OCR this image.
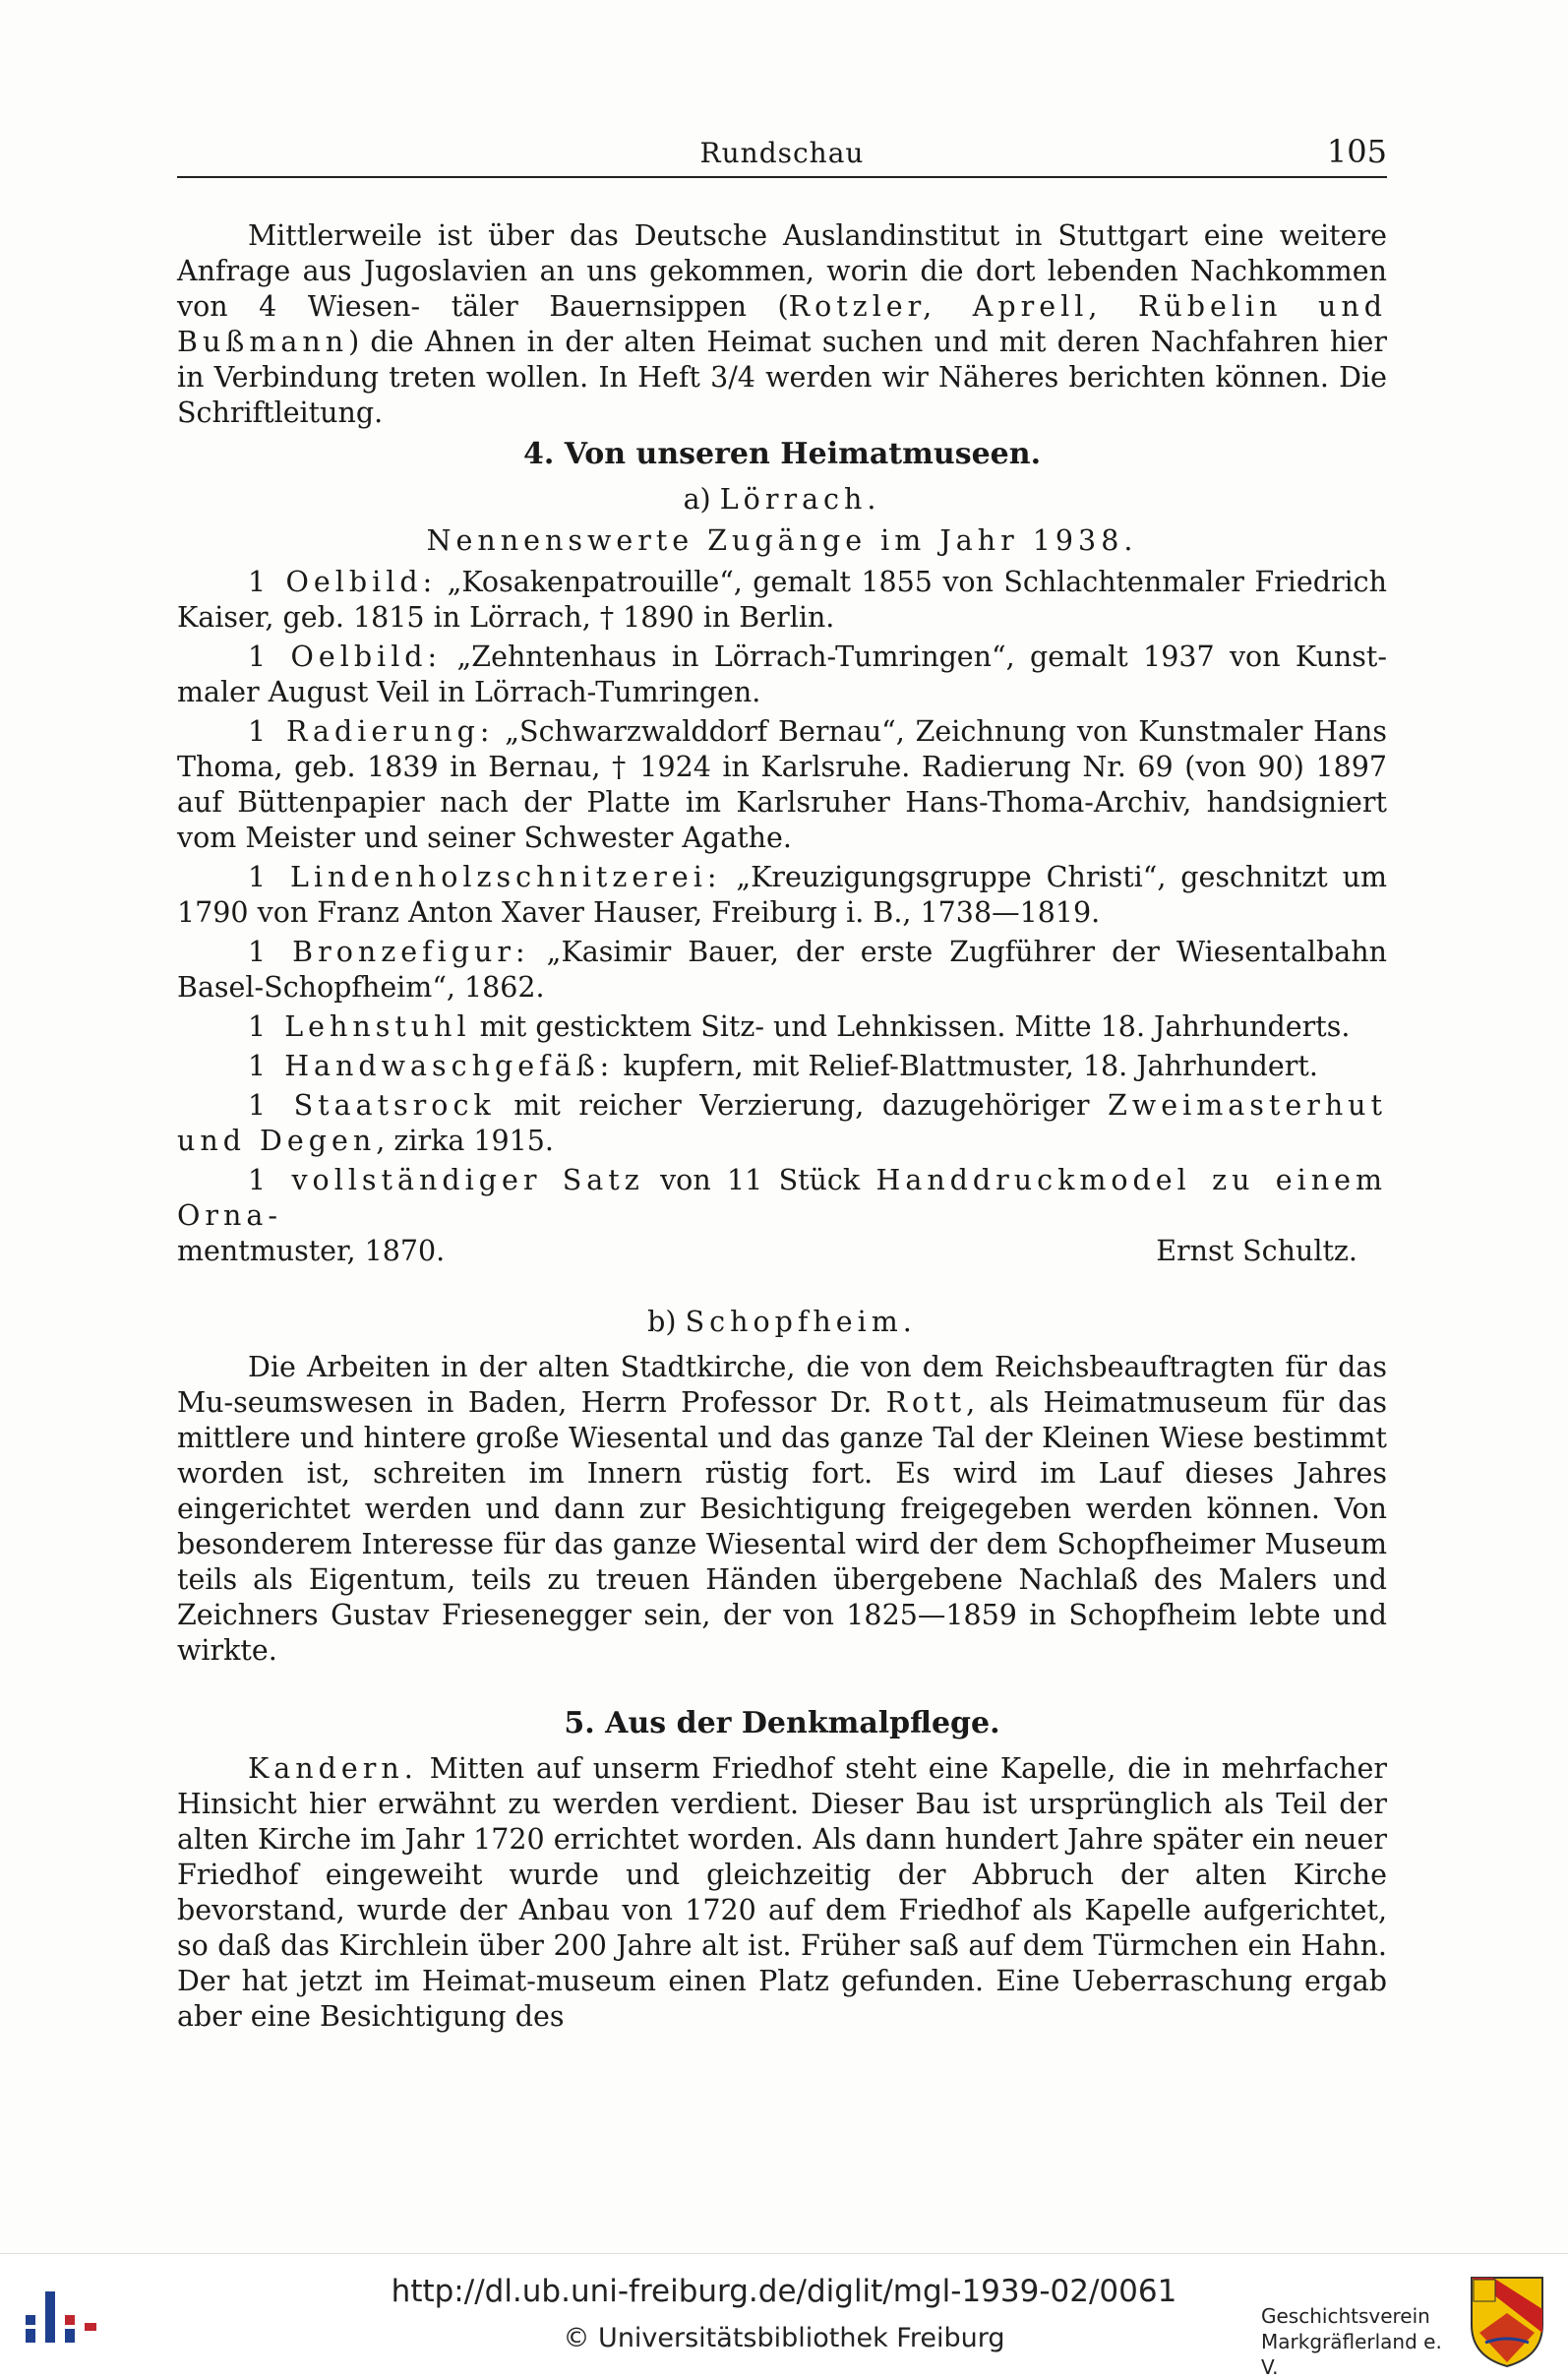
Rundschau	105

Mittlerweile ist über das Deutsche Auslandinstitut in Stuttgart eine weitere Anfrage aus Jugoslavien an uns gekommen, worin die dort lebenden Nachkommen von 4 Wiesen- täler Bauernsippen (Rotzler, Aprell, Rübelin und Bußmann) die Ahnen in der alten Heimat suchen und mit deren Nachfahren hier in Verbindung treten wollen. In Heft 3/4 werden wir Näheres berichten können. Die Schriftleitung.

4. Von unseren Heimatmuseen.

a) Lörrach.

Nennenswerte Zugänge im Jahr 1938.

1 Oelbild: „Kosakenpatrouille“, gemalt 1855 von Schlachtenmaler Friedrich Kaiser, geb. 1815 in Lörrach, † 1890 in Berlin.

1 Oelbild: „Zehntenhaus in Lörrach-Tumringen“, gemalt 1937 von Kunst-maler August Veil in Lörrach-Tumringen.

1 Radierung: „Schwarzwalddorf Bernau“, Zeichnung von Kunstmaler Hans Thoma, geb. 1839 in Bernau, † 1924 in Karlsruhe. Radierung Nr. 69 (von 90) 1897 auf Büttenpapier nach der Platte im Karlsruher Hans-Thoma-Archiv, handsigniert vom Meister und seiner Schwester Agathe.

1 Lindenholzschnitzerei: „Kreuzigungsgruppe Christi“, geschnitzt um 1790 von Franz Anton Xaver Hauser, Freiburg i. B., 1738—1819.

1 Bronzefigur: „Kasimir Bauer, der erste Zugführer der Wiesentalbahn Basel-Schopfheim“, 1862.

1 Lehnstuhl mit gesticktem Sitz- und Lehnkissen. Mitte 18. Jahrhunderts.

1 Handwaschgefäß: kupfern, mit Relief-Blattmuster, 18. Jahrhundert.

1 Staatsrock mit reicher Verzierung, dazugehöriger Zweimasterhut und Degen, zirka 1915.

1 vollständiger Satz von 11 Stück Handdruckmodel zu einem Orna-

mentmuster, 1870.	Ernst Schultz.

b) Schopfheim.

Die Arbeiten in der alten Stadtkirche, die von dem Reichsbeauftragten für das Mu-seumswesen in Baden, Herrn Professor Dr. Rott, als Heimatmuseum für das mittlere und hintere große Wiesental und das ganze Tal der Kleinen Wiese bestimmt worden ist, schreiten im Innern rüstig fort. Es wird im Lauf dieses Jahres eingerichtet werden und dann zur Besichtigung freigegeben werden können. Von besonderem Interesse für das ganze Wiesental wird der dem Schopfheimer Museum teils als Eigentum, teils zu treuen Händen übergebene Nachlaß des Malers und Zeichners Gustav Friesenegger sein, der von 1825—1859 in Schopfheim lebte und wirkte.

5. Aus der Denkmalpflege.

Kandern. Mitten auf unserm Friedhof steht eine Kapelle, die in mehrfacher Hinsicht hier erwähnt zu werden verdient. Dieser Bau ist ursprünglich als Teil der alten Kirche im Jahr 1720 errichtet worden. Als dann hundert Jahre später ein neuer Friedhof eingeweiht wurde und gleichzeitig der Abbruch der alten Kirche bevorstand, wurde der Anbau von 1720 auf dem Friedhof als Kapelle aufgerichtet, so daß das Kirchlein über 200 Jahre alt ist. Früher saß auf dem Türmchen ein Hahn. Der hat jetzt im Heimat-museum einen Platz gefunden. Eine Ueberraschung ergab aber eine Besichtigung des

http://dl.ub.uni-freiburg.de/diglit/mgl-1939-02/0061
© Universitätsbibliothek Freiburg
Geschichtsverein
Markgräflerland e. V.
